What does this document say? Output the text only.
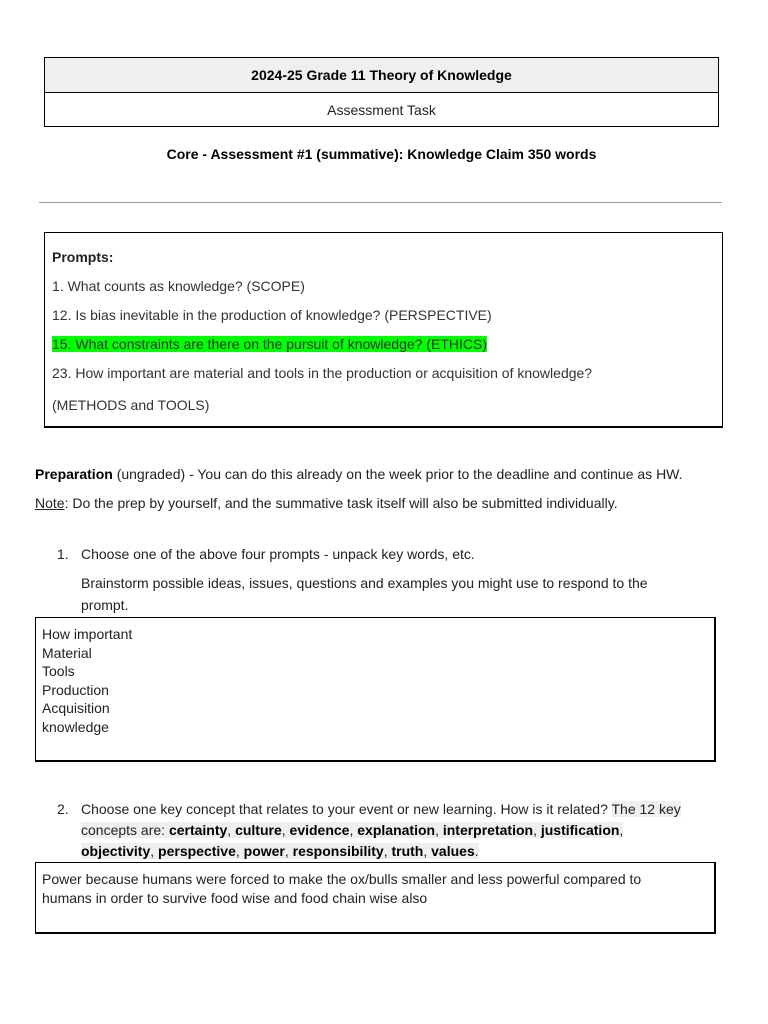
2024-25 Grade 11 Theory of Knowledge
Assessment Task
Core - Assessment #1 (summative): Knowledge Claim 350 words
Prompts:
1. What counts as knowledge? (SCOPE)
12. Is bias inevitable in the production of knowledge? (PERSPECTIVE)
15. What constraints are there on the pursuit of knowledge? (ETHICS)
23. How important are material and tools in the production or acquisition of knowledge?
(METHODS and TOOLS)
Preparation (ungraded) - You can do this already on the week prior to the deadline and continue as HW.
Note: Do the prep by yourself, and the summative task itself will also be submitted individually.
1. Choose one of the above four prompts - unpack key words, etc.
Brainstorm possible ideas, issues, questions and examples you might use to respond to the
prompt.
How important
Material
Tools
Production
Acquisition
knowledge
2. Choose one key concept that relates to your event or new learning. How is it related? The 12 key
concepts are: certainty, culture, evidence, explanation, interpretation, justification,
objectivity, perspective, power, responsibility, truth, values.
Power because humans were forced to make the ox/bulls smaller and less powerful compared to
humans in order to survive food wise and food chain wise also
